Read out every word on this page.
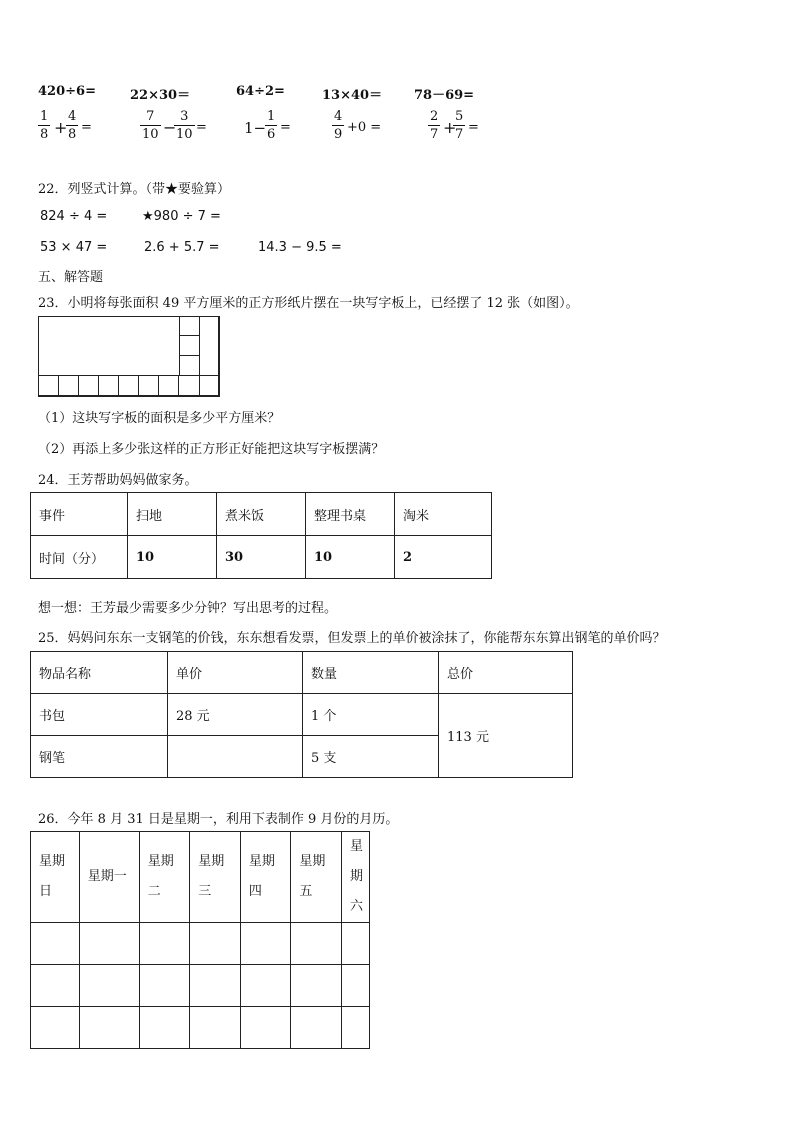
420÷6=	22×30＝	64÷2=	13×40＝ 78－69=
$\frac{1}{8}$ +
$\frac{4}{8}$ =	$\frac{7}{10}$ −
$\frac{3}{10} = 1-$
$\frac{1}{6}$ =	$\frac{4}{9} +0$ =	$\frac{2}{7}$ +
$\frac{5}{7}$ =
22．列竖式计算。（带★要验算）
824 ÷ 4 =	★980 ÷ 7 =
53 × 47 =	2.6 + 5.7 =	14.3 − 9.5 =
五、解答题
23．小明将每张面积 49 平方厘米的正方形纸片摆在一块写字板上，已经摆了 12 张（如图）。
（1）这块写字板的面积是多少平方厘米？
（2）再添上多少张这样的正方形正好能把这块写字板摆满？
24．王芳帮助妈妈做家务。
事件	扫地	煮米饭	整理书桌	淘米
时间（分）	10	30	10	2
想一想：王芳最少需要多少分钟？写出思考的过程。
25．妈妈问东东一支钢笔的价钱，东东想看发票，但发票上的单价被涂抹了，你能帮东东算出钢笔的单价吗？
物品名称	单价	数量	总价
书包	28 元	1 个	113 元
钢笔		5 支	
26．今年 8 月 31 日是星期一，利用下表制作 9 月份的月历。
星期日	星期一	星期二	星期三	星期四	星期五	星期六
